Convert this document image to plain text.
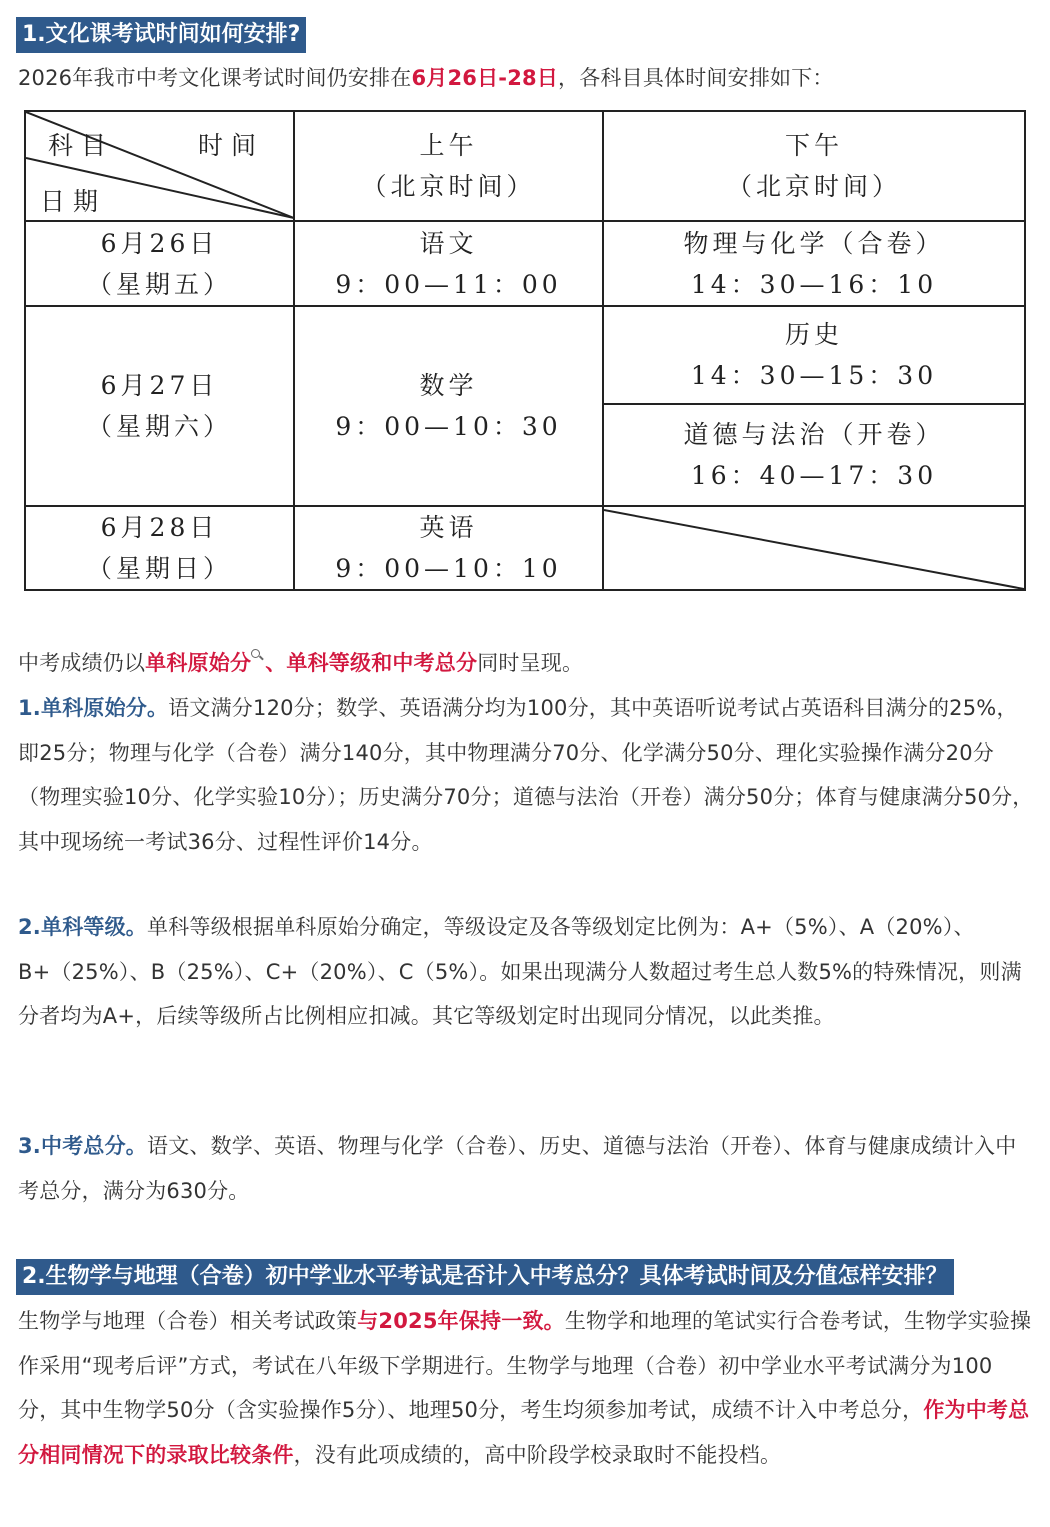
1.文化课考试时间如何安排?
2026年我市中考文化课考试时间仍安排在6月26日-28日，各科目具体时间安排如下：
科目	时间
日期
上午
（北京时间）
下午
（北京时间）
6月26日
（星期五）
语文
9：00—11：00
物理与化学（合卷）
14：30—16：10
6月27日
（星期六）
数学
9：00—10：30
历史
14：30—15：30
道德与法治（开卷）
16：40—17：30
6月28日
（星期日）
英语
9：00—10：10
中考成绩仍以单科原始分 、单科等级和中考总分同时呈现。
1.单科原始分。语文满分120分；数学、英语满分均为100分，其中英语听说考试占英语科目满分的25%，即25分；物理与化学（合卷）满分140分，其中物理满分70分、化学满分50分、理化实验操作满分20分（物理实验10分、化学实验10分）；历史满分70分；道德与法治（开卷）满分50分；体育与健康满分50分，其中现场统一考试36分、过程性评价14分。
2.单科等级。单科等级根据单科原始分确定，等级设定及各等级划定比例为：A+（5%）、A（20%）、B+（25%）、B（25%）、C+（20%）、C（5%）。如果出现满分人数超过考生总人数5%的特殊情况，则满分者均为A+，后续等级所占比例相应扣减。其它等级划定时出现同分情况，以此类推。
3.中考总分。语文、数学、英语、物理与化学（合卷）、历史、道德与法治（开卷）、体育与健康成绩计入中考总分，满分为630分。
2.生物学与地理（合卷）初中学业水平考试是否计入中考总分？具体考试时间及分值怎样安排？
生物学与地理（合卷）相关考试政策与2025年保持一致。生物学和地理的笔试实行合卷考试，生物学实验操作采用“现考后评”方式，考试在八年级下学期进行。生物学与地理（合卷）初中学业水平考试满分为100分，其中生物学50分（含实验操作5分）、地理50分，考生均须参加考试，成绩不计入中考总分，作为中考总分相同情况下的录取比较条件，没有此项成绩的，高中阶段学校录取时不能投档。
